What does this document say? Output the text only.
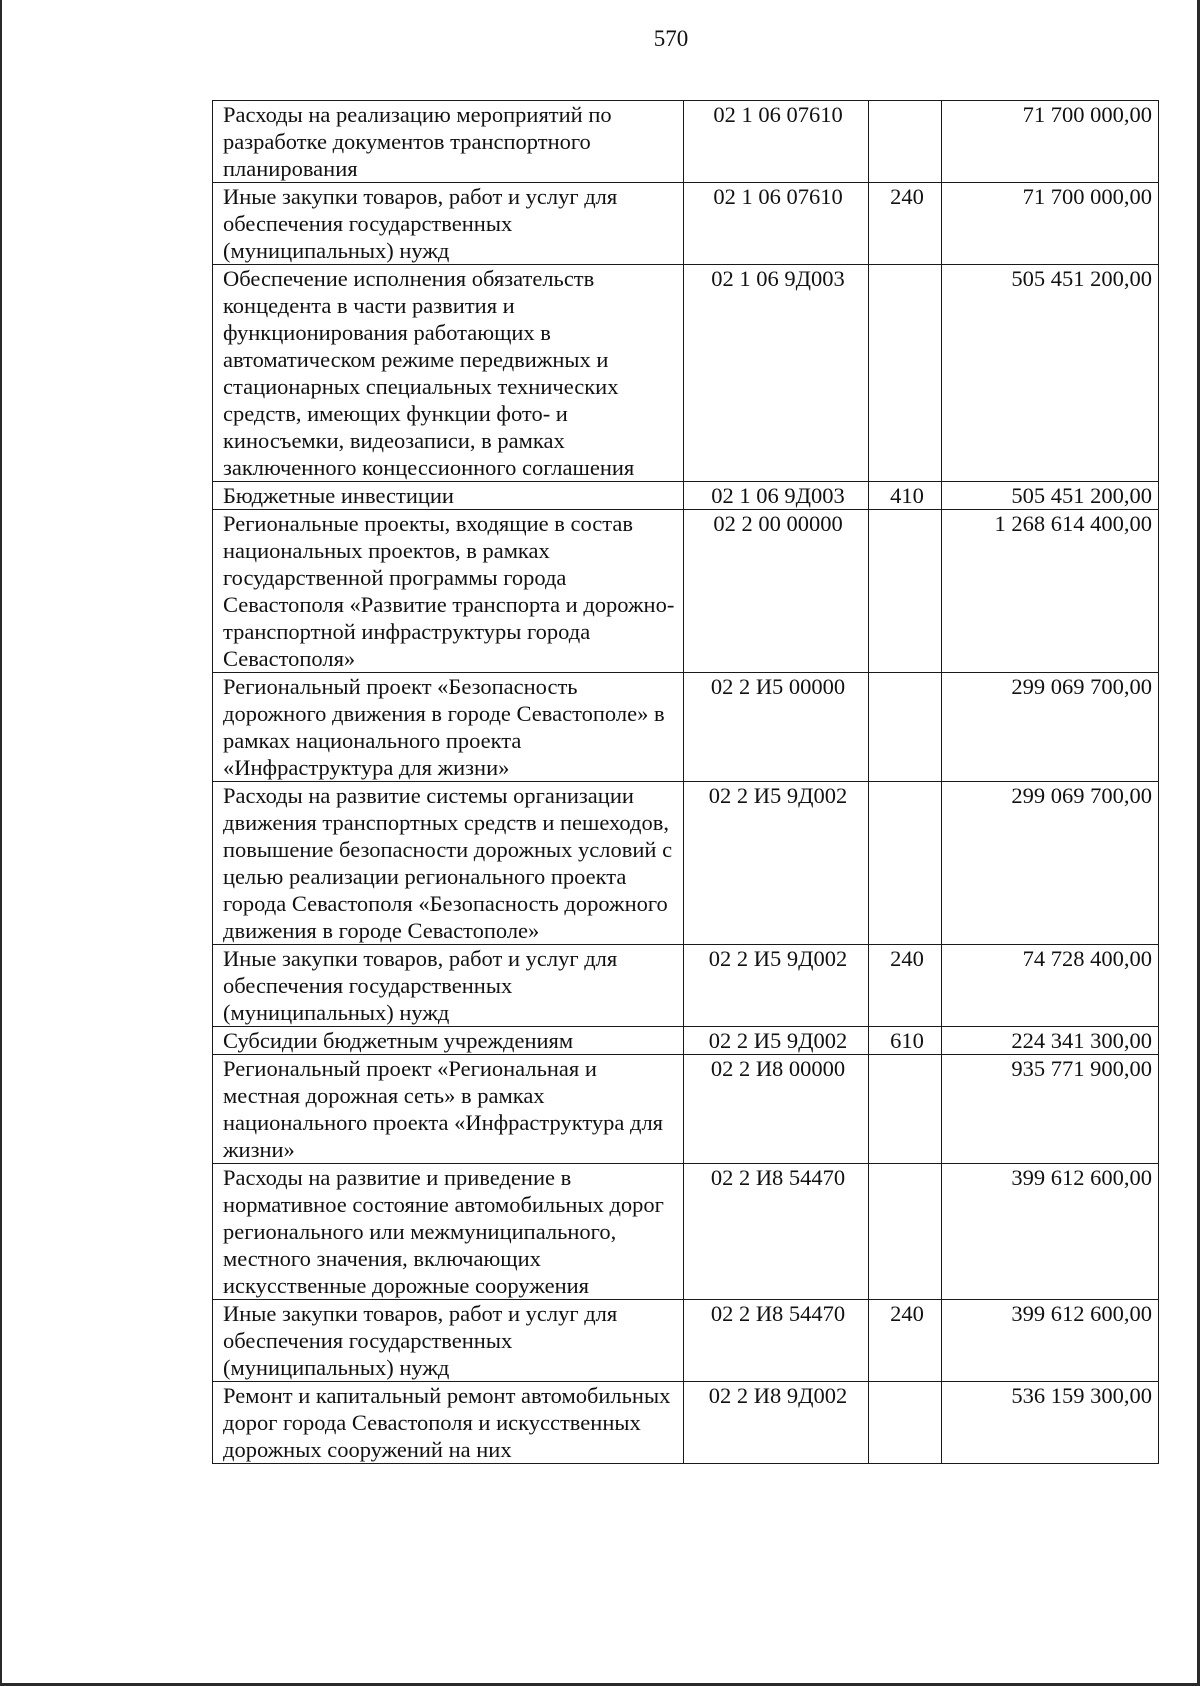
570
Расходы на реализацию мероприятий по разработке документов транспортного планирования	02 1 06 07610		71 700 000,00
Иные закупки товаров, работ и услуг для обеспечения государственных (муниципальных) нужд	02 1 06 07610	240	71 700 000,00
Обеспечение исполнения обязательств концедента в части развития и функционирования работающих в автоматическом режиме передвижных и стационарных специальных технических средств, имеющих функции фото- и киносъемки, видеозаписи, в рамках заключенного концессионного соглашения	02 1 06 9Д003		505 451 200,00
Бюджетные инвестиции	02 1 06 9Д003	410	505 451 200,00
Региональные проекты, входящие в состав национальных проектов, в рамках государственной программы города Севастополя «Развитие транспорта и дорожно-транспортной инфраструктуры города Севастополя»	02 2 00 00000		1 268 614 400,00
Региональный проект «Безопасность дорожного движения в городе Севастополе» в рамках национального проекта «Инфраструктура для жизни»	02 2 И5 00000		299 069 700,00
Расходы на развитие системы организации движения транспортных средств и пешеходов, повышение безопасности дорожных условий с целью реализации регионального проекта города Севастополя «Безопасность дорожного движения в городе Севастополе»	02 2 И5 9Д002		299 069 700,00
Иные закупки товаров, работ и услуг для обеспечения государственных (муниципальных) нужд	02 2 И5 9Д002	240	74 728 400,00
Субсидии бюджетным учреждениям	02 2 И5 9Д002	610	224 341 300,00
Региональный проект «Региональная и местная дорожная сеть» в рамках национального проекта «Инфраструктура для жизни»	02 2 И8 00000		935 771 900,00
Расходы на развитие и приведение в нормативное состояние автомобильных дорог регионального или межмуниципального, местного значения, включающих искусственные дорожные сооружения	02 2 И8 54470		399 612 600,00
Иные закупки товаров, работ и услуг для обеспечения государственных (муниципальных) нужд	02 2 И8 54470	240	399 612 600,00
Ремонт и капитальный ремонт автомобильных дорог города Севастополя и искусственных дорожных сооружений на них	02 2 И8 9Д002		536 159 300,00
